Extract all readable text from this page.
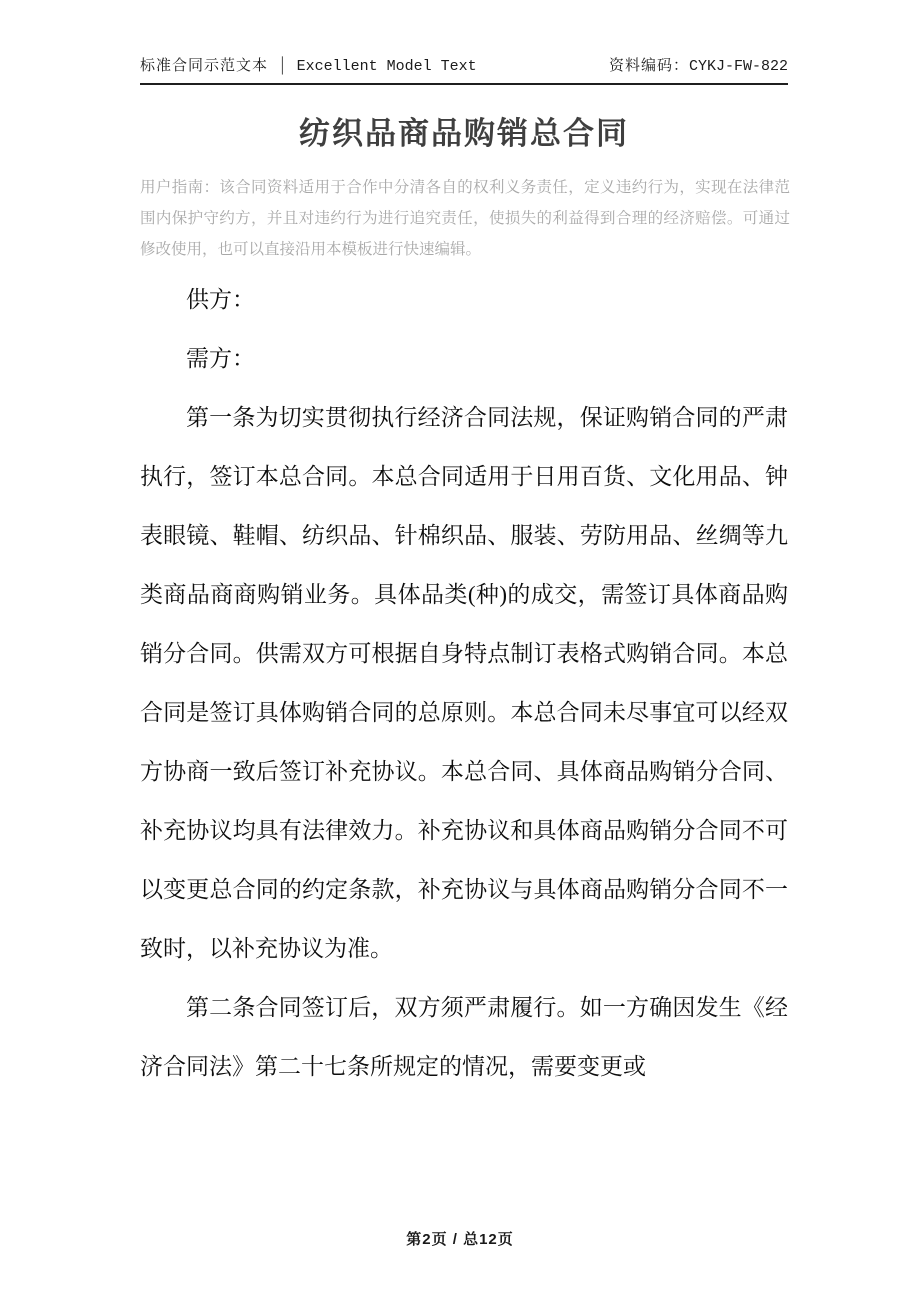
标准合同示范文本 │ Excellent Model Text	资料编码：CYKJ-FW-822
纺织品商品购销总合同

用户指南：该合同资料适用于合作中分清各自的权利义务责任，定义违约行为，实现在法律范围内保护守约方，并且对违约行为进行追究责任，使损失的利益得到合理的经济赔偿。可通过修改使用，也可以直接沿用本模板进行快速编辑。

供方：

需方：

第一条为切实贯彻执行经济合同法规，保证购销合同的严肃执行，签订本总合同。本总合同适用于日用百货、文化用品、钟表眼镜、鞋帽、纺织品、针棉织品、服装、劳防用品、丝绸等九类商品商商购销业务。具体品类(种)的成交，需签订具体商品购销分合同。供需双方可根据自身特点制订表格式购销合同。本总合同是签订具体购销合同的总原则。本总合同未尽事宜可以经双方协商一致后签订补充协议。本总合同、具体商品购销分合同、补充协议均具有法律效力。补充协议和具体商品购销分合同不可以变更总合同的约定条款，补充协议与具体商品购销分合同不一致时，以补充协议为准。

第二条合同签订后，双方须严肃履行。如一方确因发生《经济合同法》第二十七条所规定的情况，需要变更或

第2页 / 总12页
